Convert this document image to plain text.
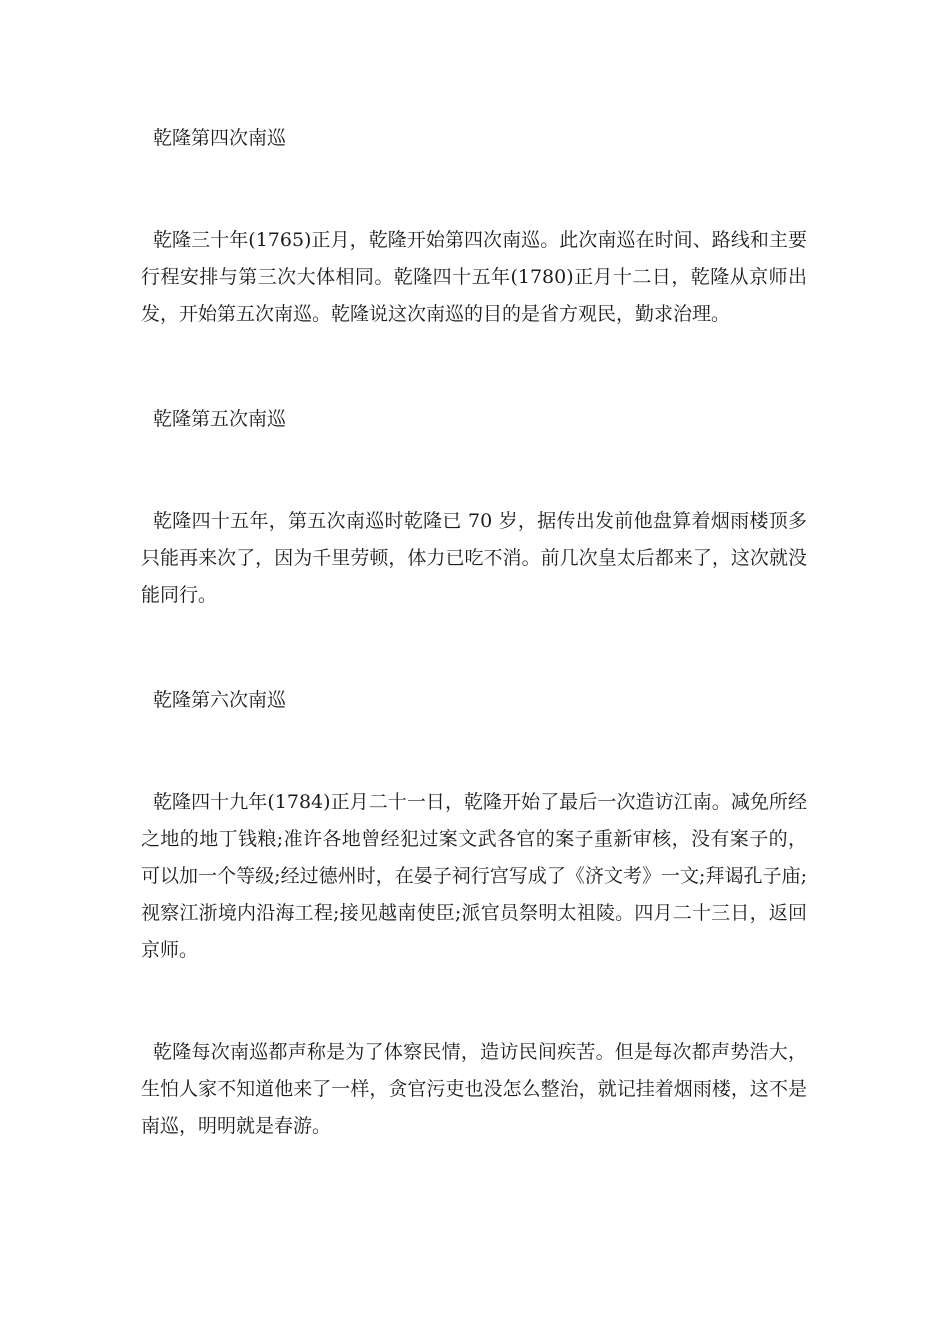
乾隆第四次南巡

乾隆三十年(1765)正月，乾隆开始第四次南巡。此次南巡在时间、路线和主要行程安排与第三次大体相同。乾隆四十五年(1780)正月十二日，乾隆从京师出发，开始第五次南巡。乾隆说这次南巡的目的是省方观民，勤求治理。

乾隆第五次南巡

乾隆四十五年，第五次南巡时乾隆已 70 岁，据传出发前他盘算着烟雨楼顶多只能再来次了，因为千里劳顿，体力已吃不消。前几次皇太后都来了，这次就没能同行。

乾隆第六次南巡

乾隆四十九年(1784)正月二十一日，乾隆开始了最后一次造访江南。减免所经之地的地丁钱粮;准许各地曾经犯过案文武各官的案子重新审核，没有案子的，可以加一个等级;经过德州时，在晏子祠行宫写成了《济文考》一文;拜谒孔子庙;视察江浙境内沿海工程;接见越南使臣;派官员祭明太祖陵。四月二十三日，返回京师。

乾隆每次南巡都声称是为了体察民情，造访民间疾苦。但是每次都声势浩大，生怕人家不知道他来了一样，贪官污吏也没怎么整治，就记挂着烟雨楼，这不是南巡，明明就是春游。
